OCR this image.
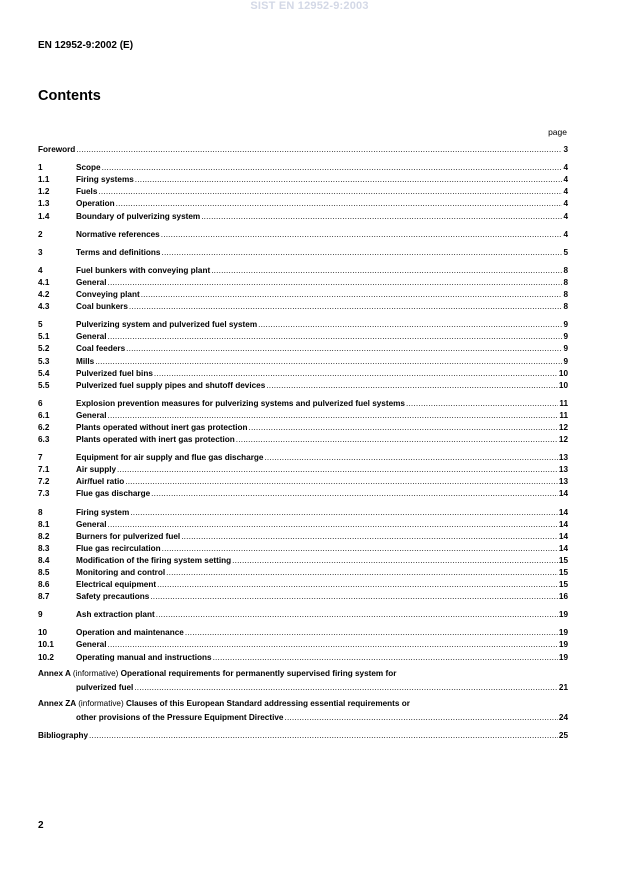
SIST EN 12952-9:2003
EN 12952-9:2002 (E)
Contents
page
Foreword .....	3
1	Scope .....	4
1.1	Firing systems .....	4
1.2	Fuels .....	4
1.3	Operation .....	4
1.4	Boundary of pulverizing system .....	4
2	Normative references .....	4
3	Terms and definitions .....	5
4	Fuel bunkers with conveying plant .....	8
4.1	General .....	8
4.2	Conveying plant .....	8
4.3	Coal bunkers .....	8
5	Pulverizing system and pulverized fuel system .....	9
5.1	General .....	9
5.2	Coal feeders .....	9
5.3	Mills .....	9
5.4	Pulverized fuel bins .....	10
5.5	Pulverized fuel supply pipes and shutoff devices .....	10
6	Explosion prevention measures for pulverizing systems and pulverized fuel systems .....	11
6.1	General .....	11
6.2	Plants operated without inert gas protection .....	12
6.3	Plants operated with inert gas protection .....	12
7	Equipment for air supply and flue gas discharge .....	13
7.1	Air supply .....	13
7.2	Air/fuel ratio .....	13
7.3	Flue gas discharge .....	14
8	Firing system .....	14
8.1	General .....	14
8.2	Burners for pulverized fuel .....	14
8.3	Flue gas recirculation .....	14
8.4	Modification of the firing system setting .....	15
8.5	Monitoring and control .....	15
8.6	Electrical equipment .....	15
8.7	Safety precautions .....	16
9	Ash extraction plant .....	19
10	Operation and maintenance .....	19
10.1	General .....	19
10.2	Operating manual and instructions .....	19
Annex A (informative) Operational requirements for permanently supervised firing system for
pulverized fuel .....	21
Annex ZA (informative) Clauses of this European Standard addressing essential requirements or
other provisions of the Pressure Equipment Directive .....	24
Bibliography .....	25
2
